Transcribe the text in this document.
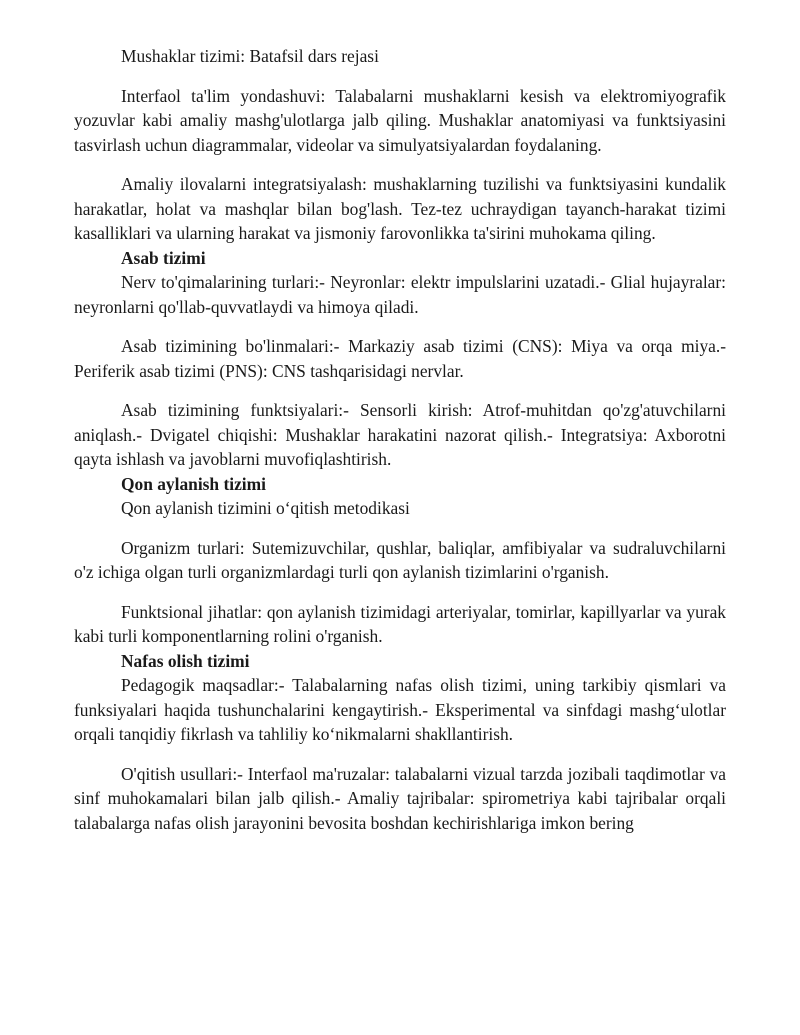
Mushaklar tizimi: Batafsil dars rejasi

Interfaol ta'lim yondashuvi: Talabalarni mushaklarni kesish va elektromiyografik yozuvlar kabi amaliy mashg'ulotlarga jalb qiling. Mushaklar anatomiyasi va funktsiyasini tasvirlash uchun diagrammalar, videolar va simulyatsiyalardan foydalaning.

Amaliy ilovalarni integratsiyalash: mushaklarning tuzilishi va funktsiyasini kundalik harakatlar, holat va mashqlar bilan bog'lash. Tez-tez uchraydigan tayanch-harakat tizimi kasalliklari va ularning harakat va jismoniy farovonlikka ta'sirini muhokama qiling.

Asab tizimi

Nerv to'qimalarining turlari:- Neyronlar: elektr impulslarini uzatadi.- Glial hujayralar: neyronlarni qo'llab-quvvatlaydi va himoya qiladi.

Asab tizimining bo'linmalari:- Markaziy asab tizimi (CNS): Miya va orqa miya.- Periferik asab tizimi (PNS): CNS tashqarisidagi nervlar.

Asab tizimining funktsiyalari:- Sensorli kirish: Atrof-muhitdan qo'zg'atuvchilarni aniqlash.- Dvigatel chiqishi: Mushaklar harakatini nazorat qilish.- Integratsiya: Axborotni qayta ishlash va javoblarni muvofiqlashtirish.

Qon aylanish tizimi

Qon aylanish tizimini oʻqitish metodikasi

Organizm turlari: Sutemizuvchilar, qushlar, baliqlar, amfibiyalar va sudraluvchilarni o'z ichiga olgan turli organizmlardagi turli qon aylanish tizimlarini o'rganish.

Funktsional jihatlar: qon aylanish tizimidagi arteriyalar, tomirlar, kapillyarlar va yurak kabi turli komponentlarning rolini o'rganish.

Nafas olish tizimi

Pedagogik maqsadlar:- Talabalarning nafas olish tizimi, uning tarkibiy qismlari va funksiyalari haqida tushunchalarini kengaytirish.- Eksperimental va sinfdagi mashgʻulotlar orqali tanqidiy fikrlash va tahliliy koʻnikmalarni shakllantirish.

O'qitish usullari:- Interfaol ma'ruzalar: talabalarni vizual tarzda jozibali taqdimotlar va sinf muhokamalari bilan jalb qilish.- Amaliy tajribalar: spirometriya kabi tajribalar orqali talabalarga nafas olish jarayonini bevosita boshdan kechirishlariga imkon bering
